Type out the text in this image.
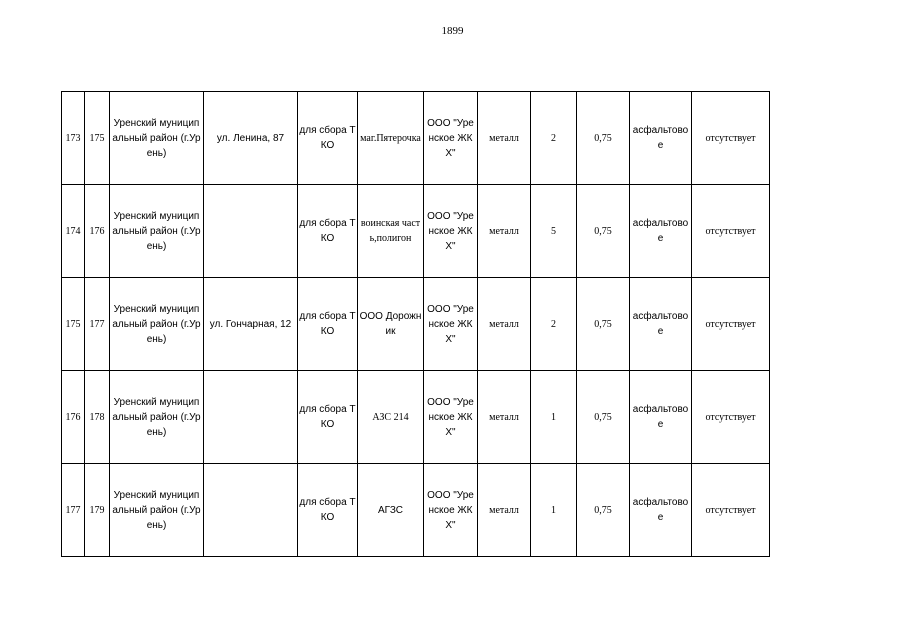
1899
173	175	Уренский муниципальный район (г.Урень)	ул. Ленина, 87	для сбора ТКО	маг.Пятерочка	ООО "Уренское ЖКХ"	металл	2	0,75	асфальтовое	отсутствует
174	176	Уренский муниципальный район (г.Урень)		для сбора ТКО	воинская часть,полигон	ООО "Уренское ЖКХ"	металл	5	0,75	асфальтовое	отсутствует
175	177	Уренский муниципальный район (г.Урень)	ул. Гончарная, 12	для сбора ТКО	ООО Дорожник	ООО "Уренское ЖКХ"	металл	2	0,75	асфальтовое	отсутствует
176	178	Уренский муниципальный район (г.Урень)		для сбора ТКО	АЗС 214	ООО "Уренское ЖКХ"	металл	1	0,75	асфальтовое	отсутствует
177	179	Уренский муниципальный район (г.Урень)		для сбора ТКО	АГЗС	ООО "Уренское ЖКХ"	металл	1	0,75	асфальтовое	отсутствует
